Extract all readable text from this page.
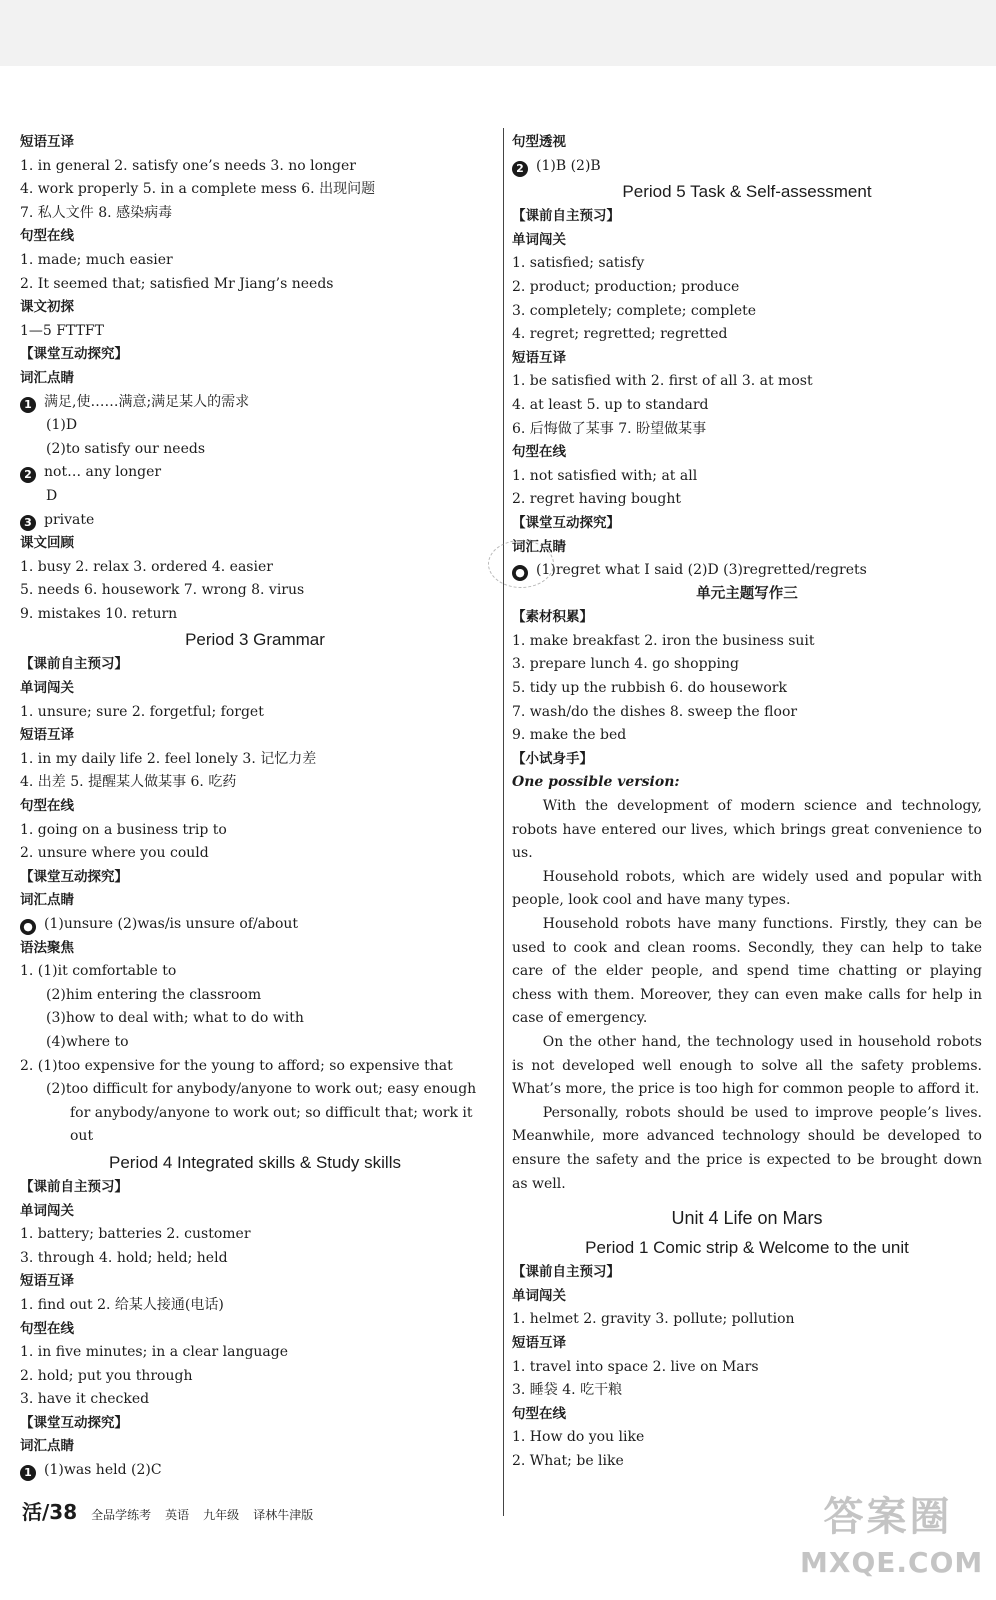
短语互译
1. in general 2. satisfy one’s needs 3. no longer
4. work properly 5. in a complete mess 6. 出现问题
7. 私人文件 8. 感染病毒
句型在线
1. made; much easier
2. It seemed that; satisfied Mr Jiang’s needs
课文初探
1—5 FTTFT
【课堂互动探究】
词汇点睛
1 满足,使……满意;满足某人的需求
(1)D
(2)to satisfy our needs
2 not… any longer
D
3 private
课文回顾
1. busy 2. relax 3. ordered 4. easier
5. needs 6. housework 7. wrong 8. virus
9. mistakes 10. return
Period 3 Grammar
【课前自主预习】
单词闯关
1. unsure; sure 2. forgetful; forget
短语互译
1. in my daily life 2. feel lonely 3. 记忆力差
4. 出差 5. 提醒某人做某事 6. 吃药
句型在线
1. going on a business trip to
2. unsure where you could
【课堂互动探究】
词汇点睛
● (1)unsure (2)was/is unsure of/about
语法聚焦
1. (1)it comfortable to
(2)him entering the classroom
(3)how to deal with; what to do with
(4)where to
2. (1)too expensive for the young to afford; so expensive that
(2)too difficult for anybody/anyone to work out; easy enough
for anybody/anyone to work out; so difficult that; work it
out
Period 4 Integrated skills & Study skills
【课前自主预习】
单词闯关
1. battery; batteries 2. customer
3. through 4. hold; held; held
短语互译
1. find out 2. 给某人接通(电话)
句型在线
1. in five minutes; in a clear language
2. hold; put you through
3. have it checked
【课堂互动探究】
词汇点睛
1 (1)was held (2)C
句型透视
2 (1)B (2)B
Period 5 Task & Self-assessment
【课前自主预习】
单词闯关
1. satisfied; satisfy
2. product; production; produce
3. completely; complete; complete
4. regret; regretted; regretted
短语互译
1. be satisfied with 2. first of all 3. at most
4. at least 5. up to standard
6. 后悔做了某事 7. 盼望做某事
句型在线
1. not satisfied with; at all
2. regret having bought
【课堂互动探究】
词汇点睛
● (1)regret what I said (2)D (3)regretted/regrets
单元主题写作三
【素材积累】
1. make breakfast 2. iron the business suit
3. prepare lunch 4. go shopping
5. tidy up the rubbish 6. do housework
7. wash/do the dishes 8. sweep the floor
9. make the bed
【小试身手】
One possible version:

With the development of modern science and technology, robots have entered our lives, which brings great convenience to us.

Household robots, which are widely used and popular with people, look cool and have many types.

Household robots have many functions. Firstly, they can be used to cook and clean rooms. Secondly, they can help to take care of the elder people, and spend time chatting or playing chess with them. Moreover, they can even make calls for help in case of emergency.

On the other hand, the technology used in household robots is not developed well enough to solve all the safety problems. What’s more, the price is too high for common people to afford it.

Personally, robots should be used to improve people’s lives. Meanwhile, more advanced technology should be developed to ensure the safety and the price is expected to be brought down as well.

Unit 4 Life on Mars
Period 1 Comic strip & Welcome to the unit
【课前自主预习】
单词闯关
1. helmet 2. gravity 3. pollute; pollution
短语互译
1. travel into space 2. live on Mars
3. 睡袋 4. 吃干粮
句型在线
1. How do you like
2. What; be like
活/38 全品学练考 英语 九年级 译林牛津版	答案圈
MXQE.COM
